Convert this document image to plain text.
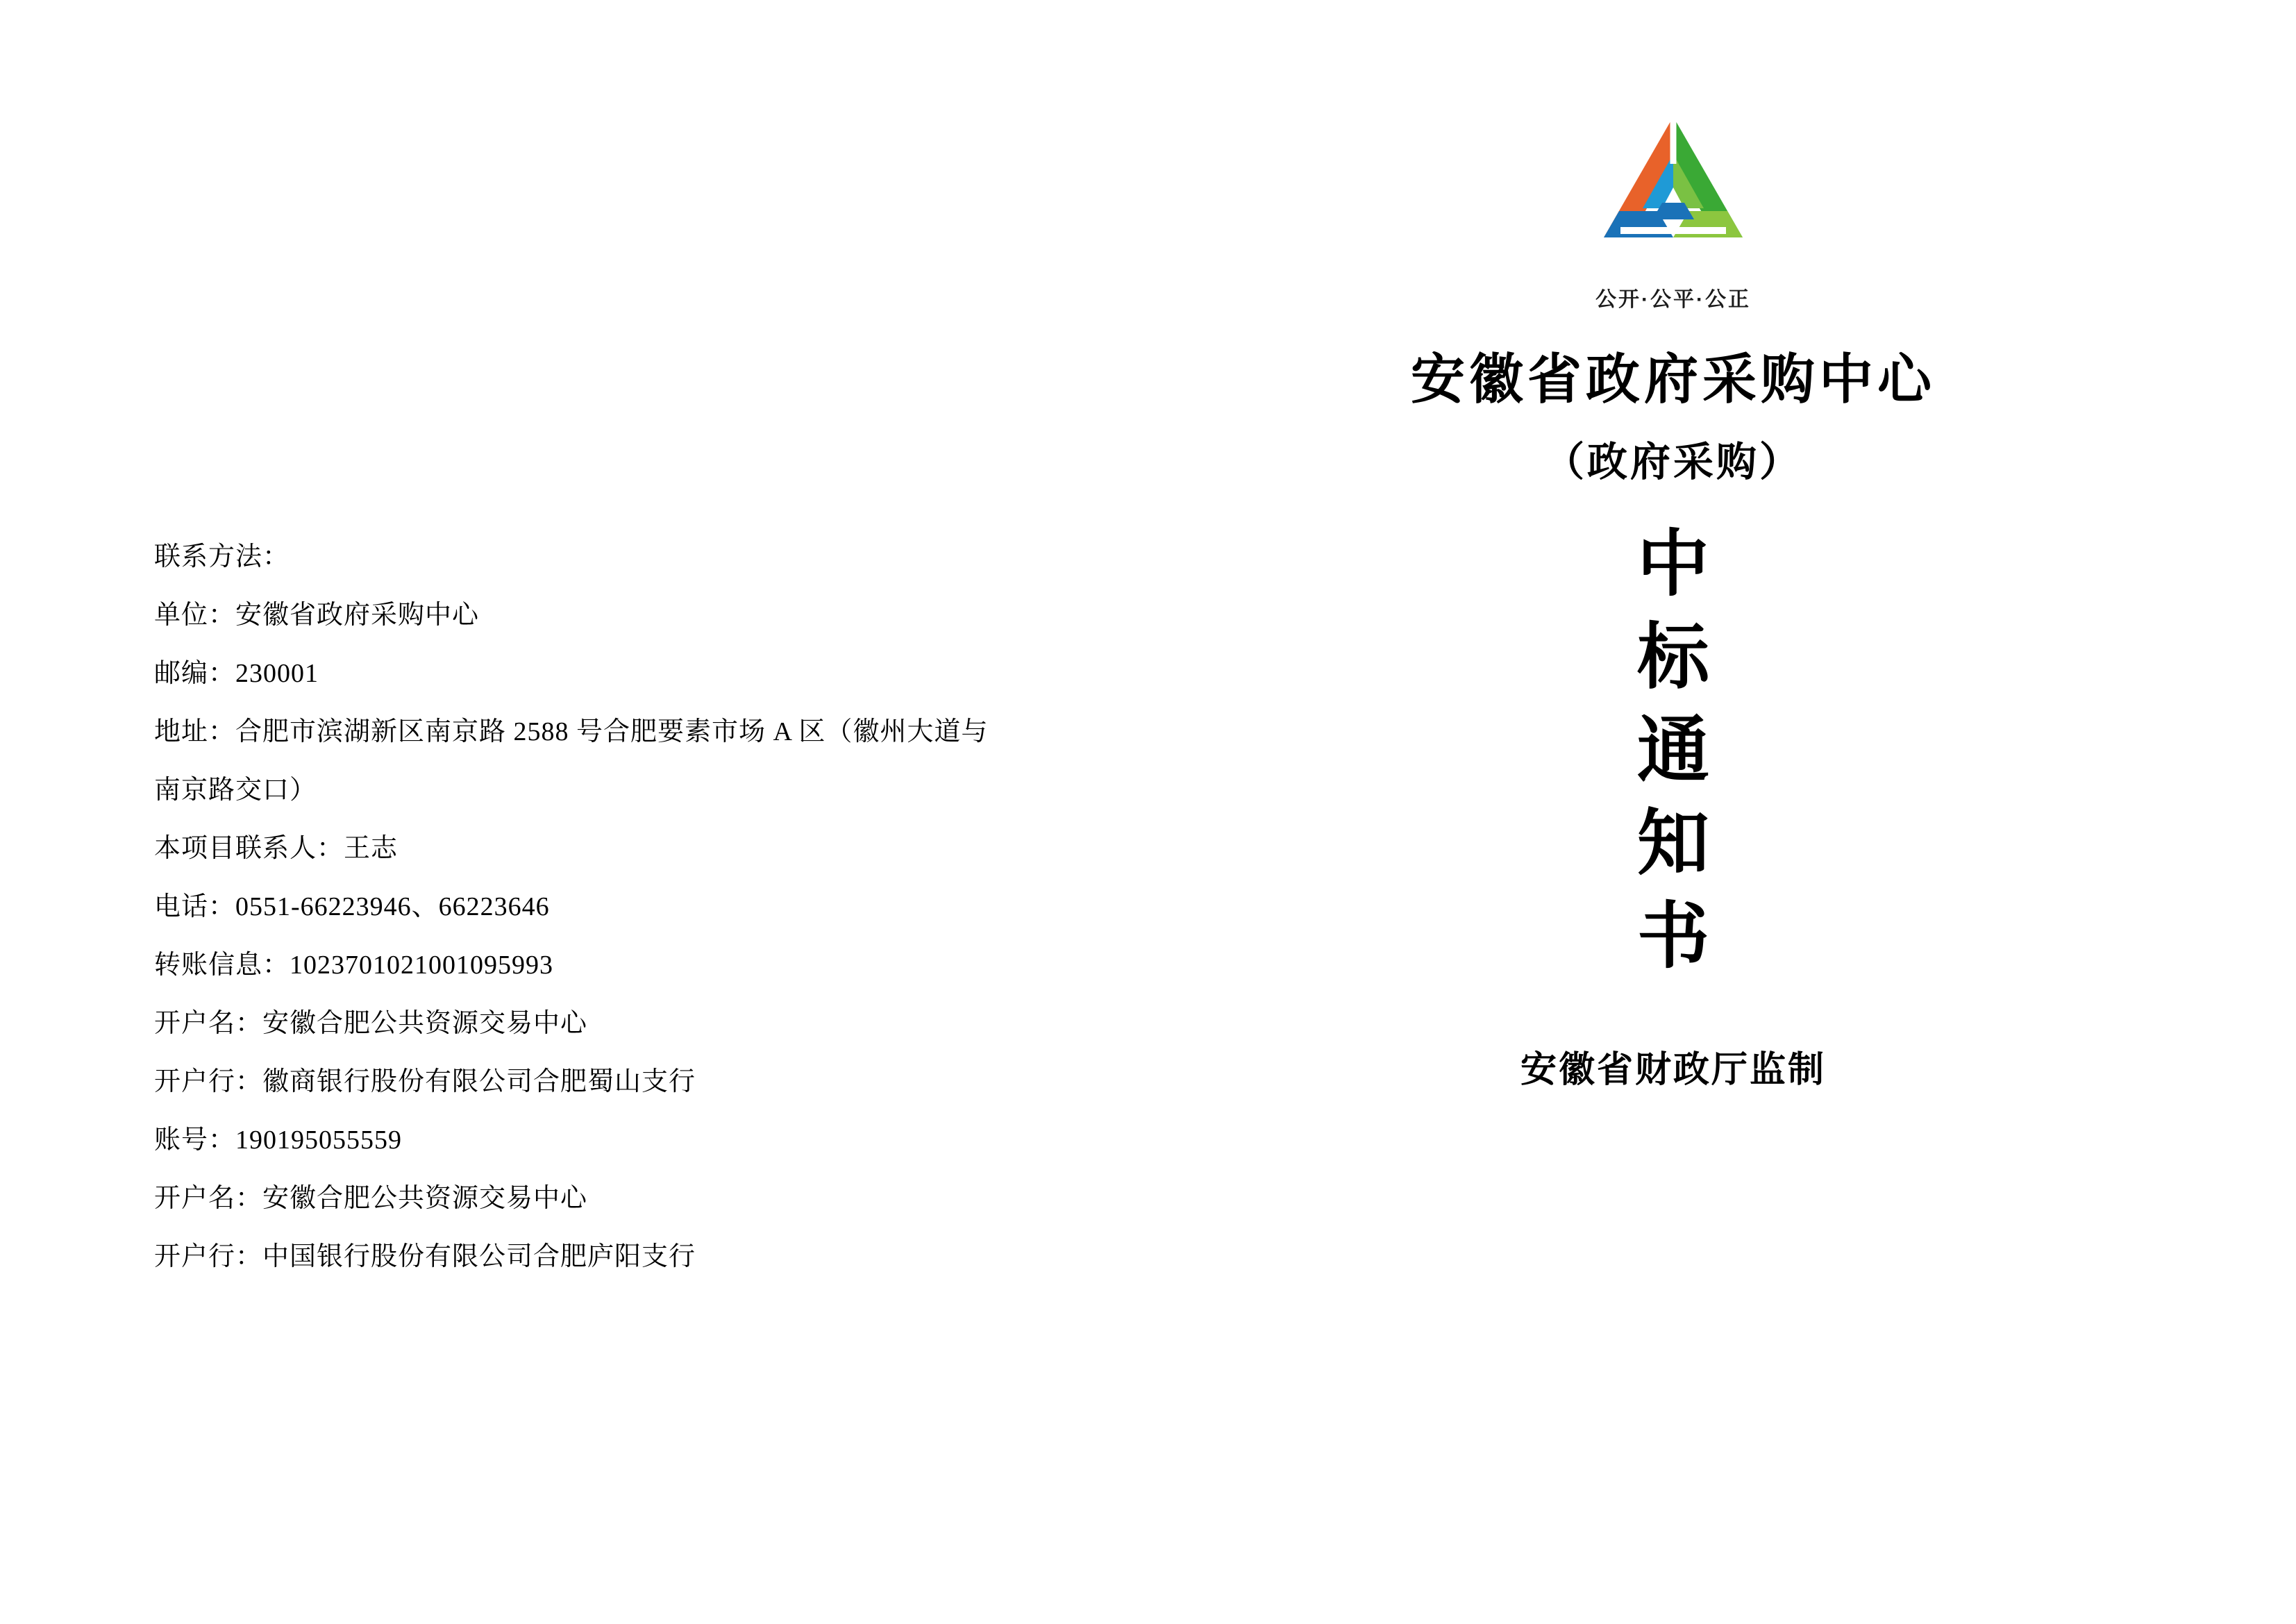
联系方法：
单位：安徽省政府采购中心
邮编：230001
地址：合肥市滨湖新区南京路 2588 号合肥要素市场 A 区（徽州大道与
南京路交口）
本项目联系人：王志
电话：0551-66223946、66223646
转账信息：1023701021001095993
开户名：安徽合肥公共资源交易中心
开户行：徽商银行股份有限公司合肥蜀山支行
账号：190195055559
开户名：安徽合肥公共资源交易中心
开户行：中国银行股份有限公司合肥庐阳支行
公开·公平·公正
安徽省政府采购中心
（政府采购）
中
标
通
知
书
安徽省财政厅监制
